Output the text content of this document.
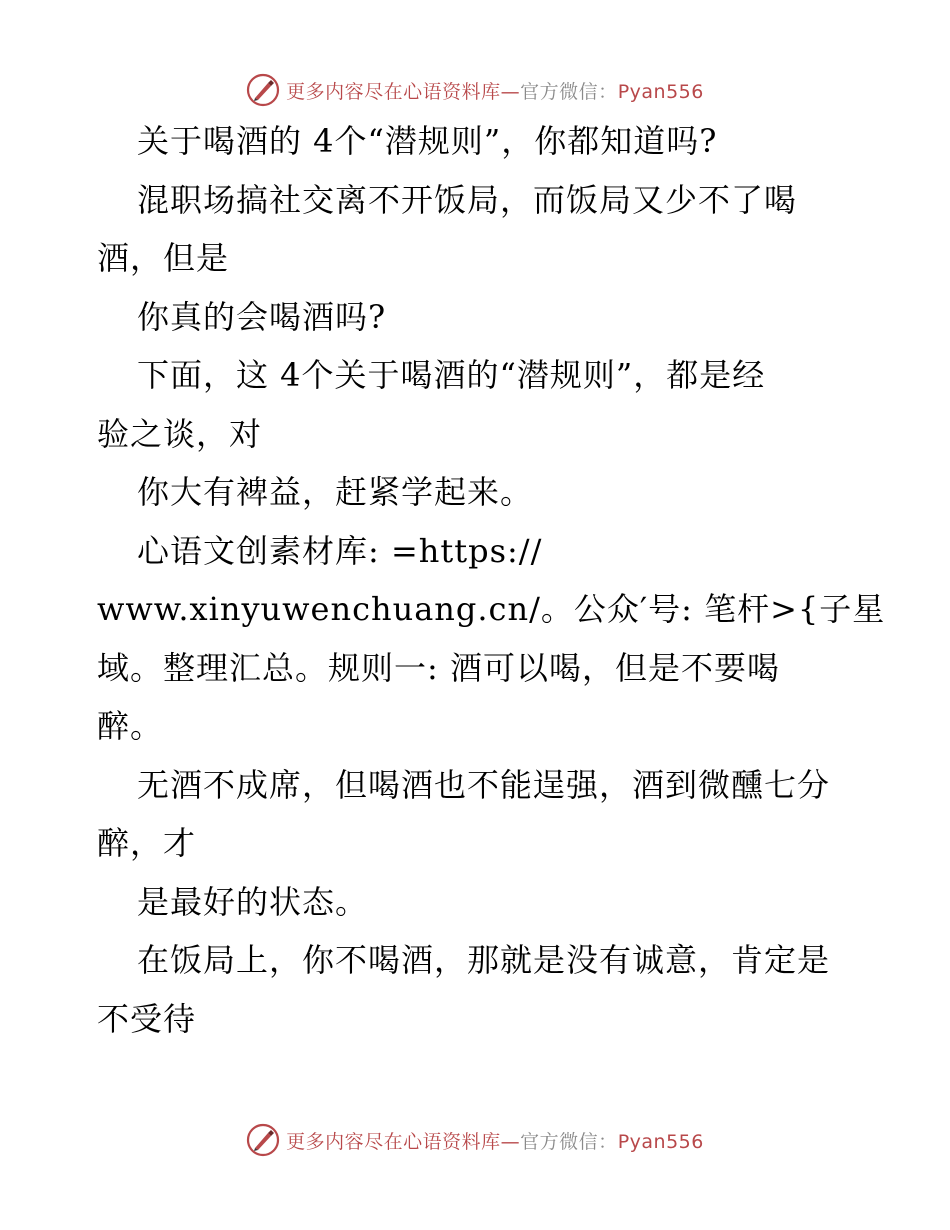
更多内容尽在心语资料库—官方微信：Pyan556
关于喝酒的 4个“潜规则”，你都知道吗?
混职场搞社交离不开饭局，而饭局又少不了喝
酒，但是
你真的会喝酒吗?
下面，这 4个关于喝酒的“潜规则”，都是经
验之谈，对
你大有裨益，赶紧学起来。
心语文创素材库: =https://
www.xinyuwenchuang.cn/。公众′号: 笔杆>{子星
域。整理汇总。规则一: 酒可以喝，但是不要喝
醉。
无酒不成席，但喝酒也不能逞强，酒到微醺七分
醉，才
是最好的状态。
在饭局上，你不喝酒，那就是没有诚意，肯定是
不受待
更多内容尽在心语资料库—官方微信：Pyan556
